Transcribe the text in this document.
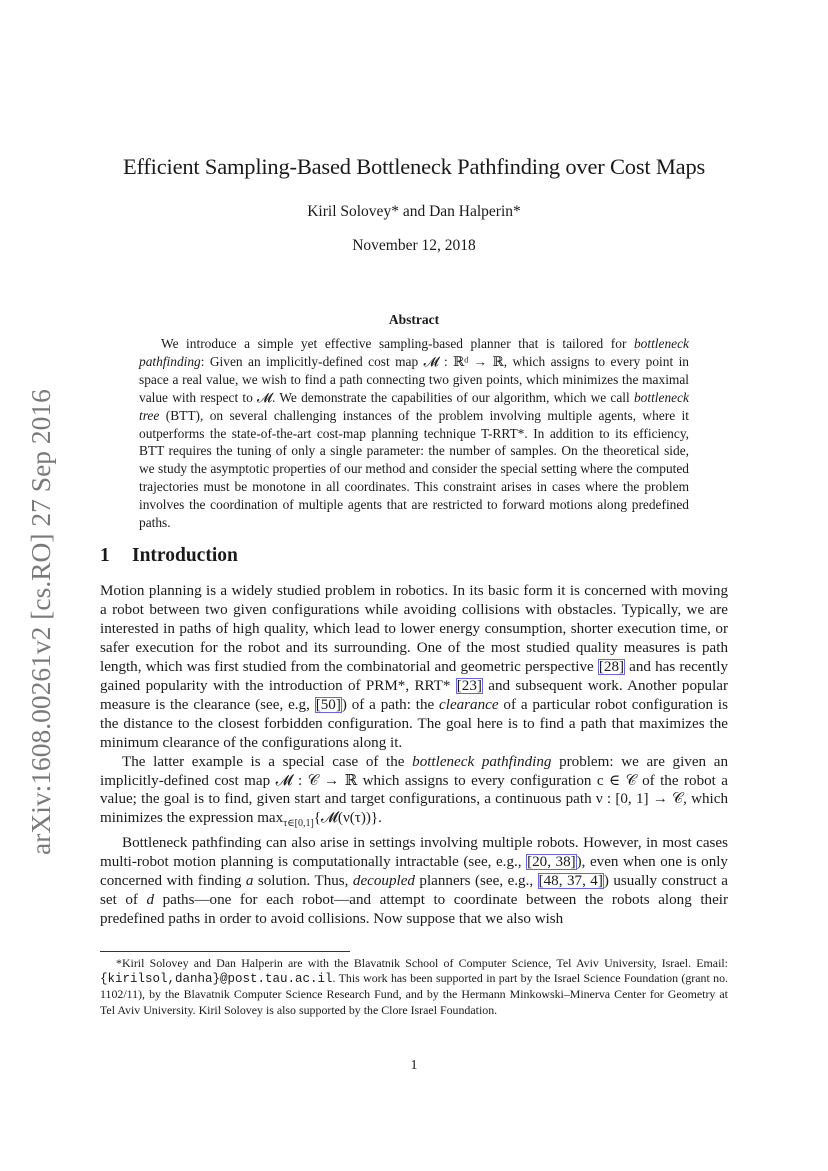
arXiv:1608.00261v2 [cs.RO] 27 Sep 2016
Efficient Sampling-Based Bottleneck Pathfinding over Cost Maps
Kiril Solovey* and Dan Halperin*
November 12, 2018
Abstract
We introduce a simple yet effective sampling-based planner that is tailored for bottleneck pathfinding: Given an implicitly-defined cost map 𝓜 : ℝᵈ → ℝ, which assigns to every point in space a real value, we wish to find a path connecting two given points, which minimizes the maximal value with respect to 𝓜. We demonstrate the capabilities of our algorithm, which we call bottleneck tree (BTT), on several challenging instances of the problem involving multiple agents, where it outperforms the state-of-the-art cost-map planning technique T-RRT*. In addition to its efficiency, BTT requires the tuning of only a single parameter: the number of samples. On the theoretical side, we study the asymptotic properties of our method and consider the special setting where the computed trajectories must be monotone in all coordinates. This constraint arises in cases where the problem involves the coordination of multiple agents that are restricted to forward motions along predefined paths.
1 Introduction

Motion planning is a widely studied problem in robotics. In its basic form it is concerned with moving a robot between two given configurations while avoiding collisions with obstacles. Typically, we are interested in paths of high quality, which lead to lower energy consumption, shorter execution time, or safer execution for the robot and its surrounding. One of the most studied quality measures is path length, which was first studied from the combinatorial and geometric perspective [28] and has recently gained popularity with the introduction of PRM*, RRT* [23] and subsequent work. Another popular measure is the clearance (see, e.g, [50]) of a path: the clearance of a particular robot configuration is the distance to the closest forbidden configuration. The goal here is to find a path that maximizes the minimum clearance of the configurations along it.

The latter example is a special case of the bottleneck pathfinding problem: we are given an implicitly-defined cost map 𝓜 : 𝒞 → ℝ which assigns to every configuration c ∈ 𝒞 of the robot a value; the goal is to find, given start and target configurations, a continuous path ν : [0, 1] → 𝒞, which minimizes the expression $\max_{\tau\in[0,1]}\{𝓜(\nu(\tau))\}$.

Bottleneck pathfinding can also arise in settings involving multiple robots. However, in most cases multi-robot motion planning is computationally intractable (see, e.g., [20, 38]), even when one is only concerned with finding a solution. Thus, decoupled planners (see, e.g., [48, 37, 4]) usually construct a set of d paths—one for each robot—and attempt to coordinate between the robots along their predefined paths in order to avoid collisions. Now suppose that we also wish

*Kiril Solovey and Dan Halperin are with the Blavatnik School of Computer Science, Tel Aviv University, Israel. Email: {kirilsol,danha}@post.tau.ac.il. This work has been supported in part by the Israel Science Foundation (grant no. 1102/11), by the Blavatnik Computer Science Research Fund, and by the Hermann Minkowski–Minerva Center for Geometry at Tel Aviv University. Kiril Solovey is also supported by the Clore Israel Foundation.
1
